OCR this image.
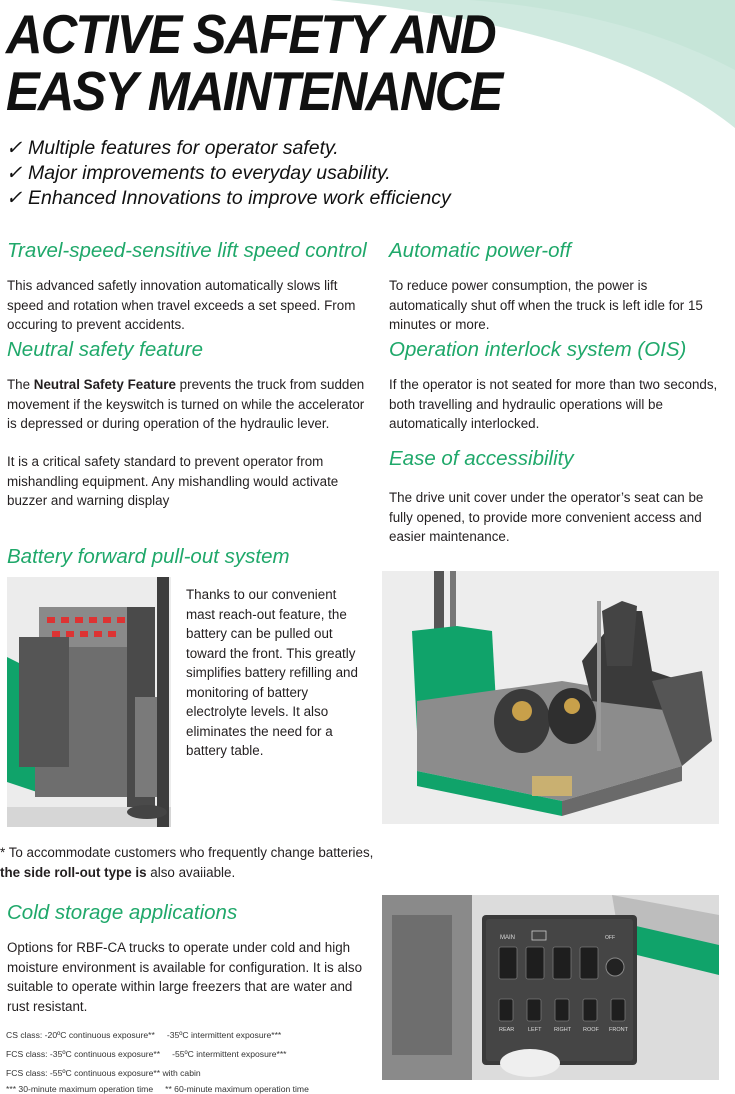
ACTIVE SAFETY AND
EASY MAINTENANCE
✓ Multiple features for operator safety.
✓ Major improvements to everyday usability.
✓ Enhanced Innovations to improve work efficiency
Travel-speed-sensitive lift speed control

This advanced safetly innovation automatically slows lift speed and rotation when travel exceeds a set speed. From occuring to prevent accidents.

Neutral safety feature

The Neutral Safety Feature prevents the truck from sudden movement if the keyswitch is turned on while the accelerator is depressed or during operation of the hydraulic lever.

It is a critical safety standard to prevent operator from mishandling equipment. Any mishandling would activate buzzer and warning display

Automatic power-off

To reduce power consumption, the power is automatically shut off when the truck is left idle for 15 minutes or more.

Operation interlock system (OIS)

If the operator is not seated for more than two seconds, both travelling and hydraulic operations will be automatically interlocked.

Ease of accessibility

The drive unit cover under the operator’s seat can be fully opened, to provide more convenient access and easier maintenance.

Battery forward pull-out system

Thanks to our convenient mast reach-out feature, the battery can be pulled out toward the front. This greatly simplifies battery refilling and monitoring of battery electrolyte levels. It also eliminates the need for a battery table.

* To accommodate customers who frequently change batteries,
the side roll-out type is also avaiiable.

Cold storage applications

Options for RBF-CA trucks to operate under cold and high moisture environment is available for configuration. It is also suitable to operate within large freezers that are water and rust resistant.

CS class: -20ºC continuous exposure** -35ºC intermittent exposure***
FCS class: -35ºC continuous exposure** -55ºC intermittent exposure***
FCS class: -55ºC continuous exposure** with cabin
*** 30-minute maximum operation time ** 60-minute maximum operation time
MAIN	OFF
REAR LEFT RIGHT ROOF FRONT
